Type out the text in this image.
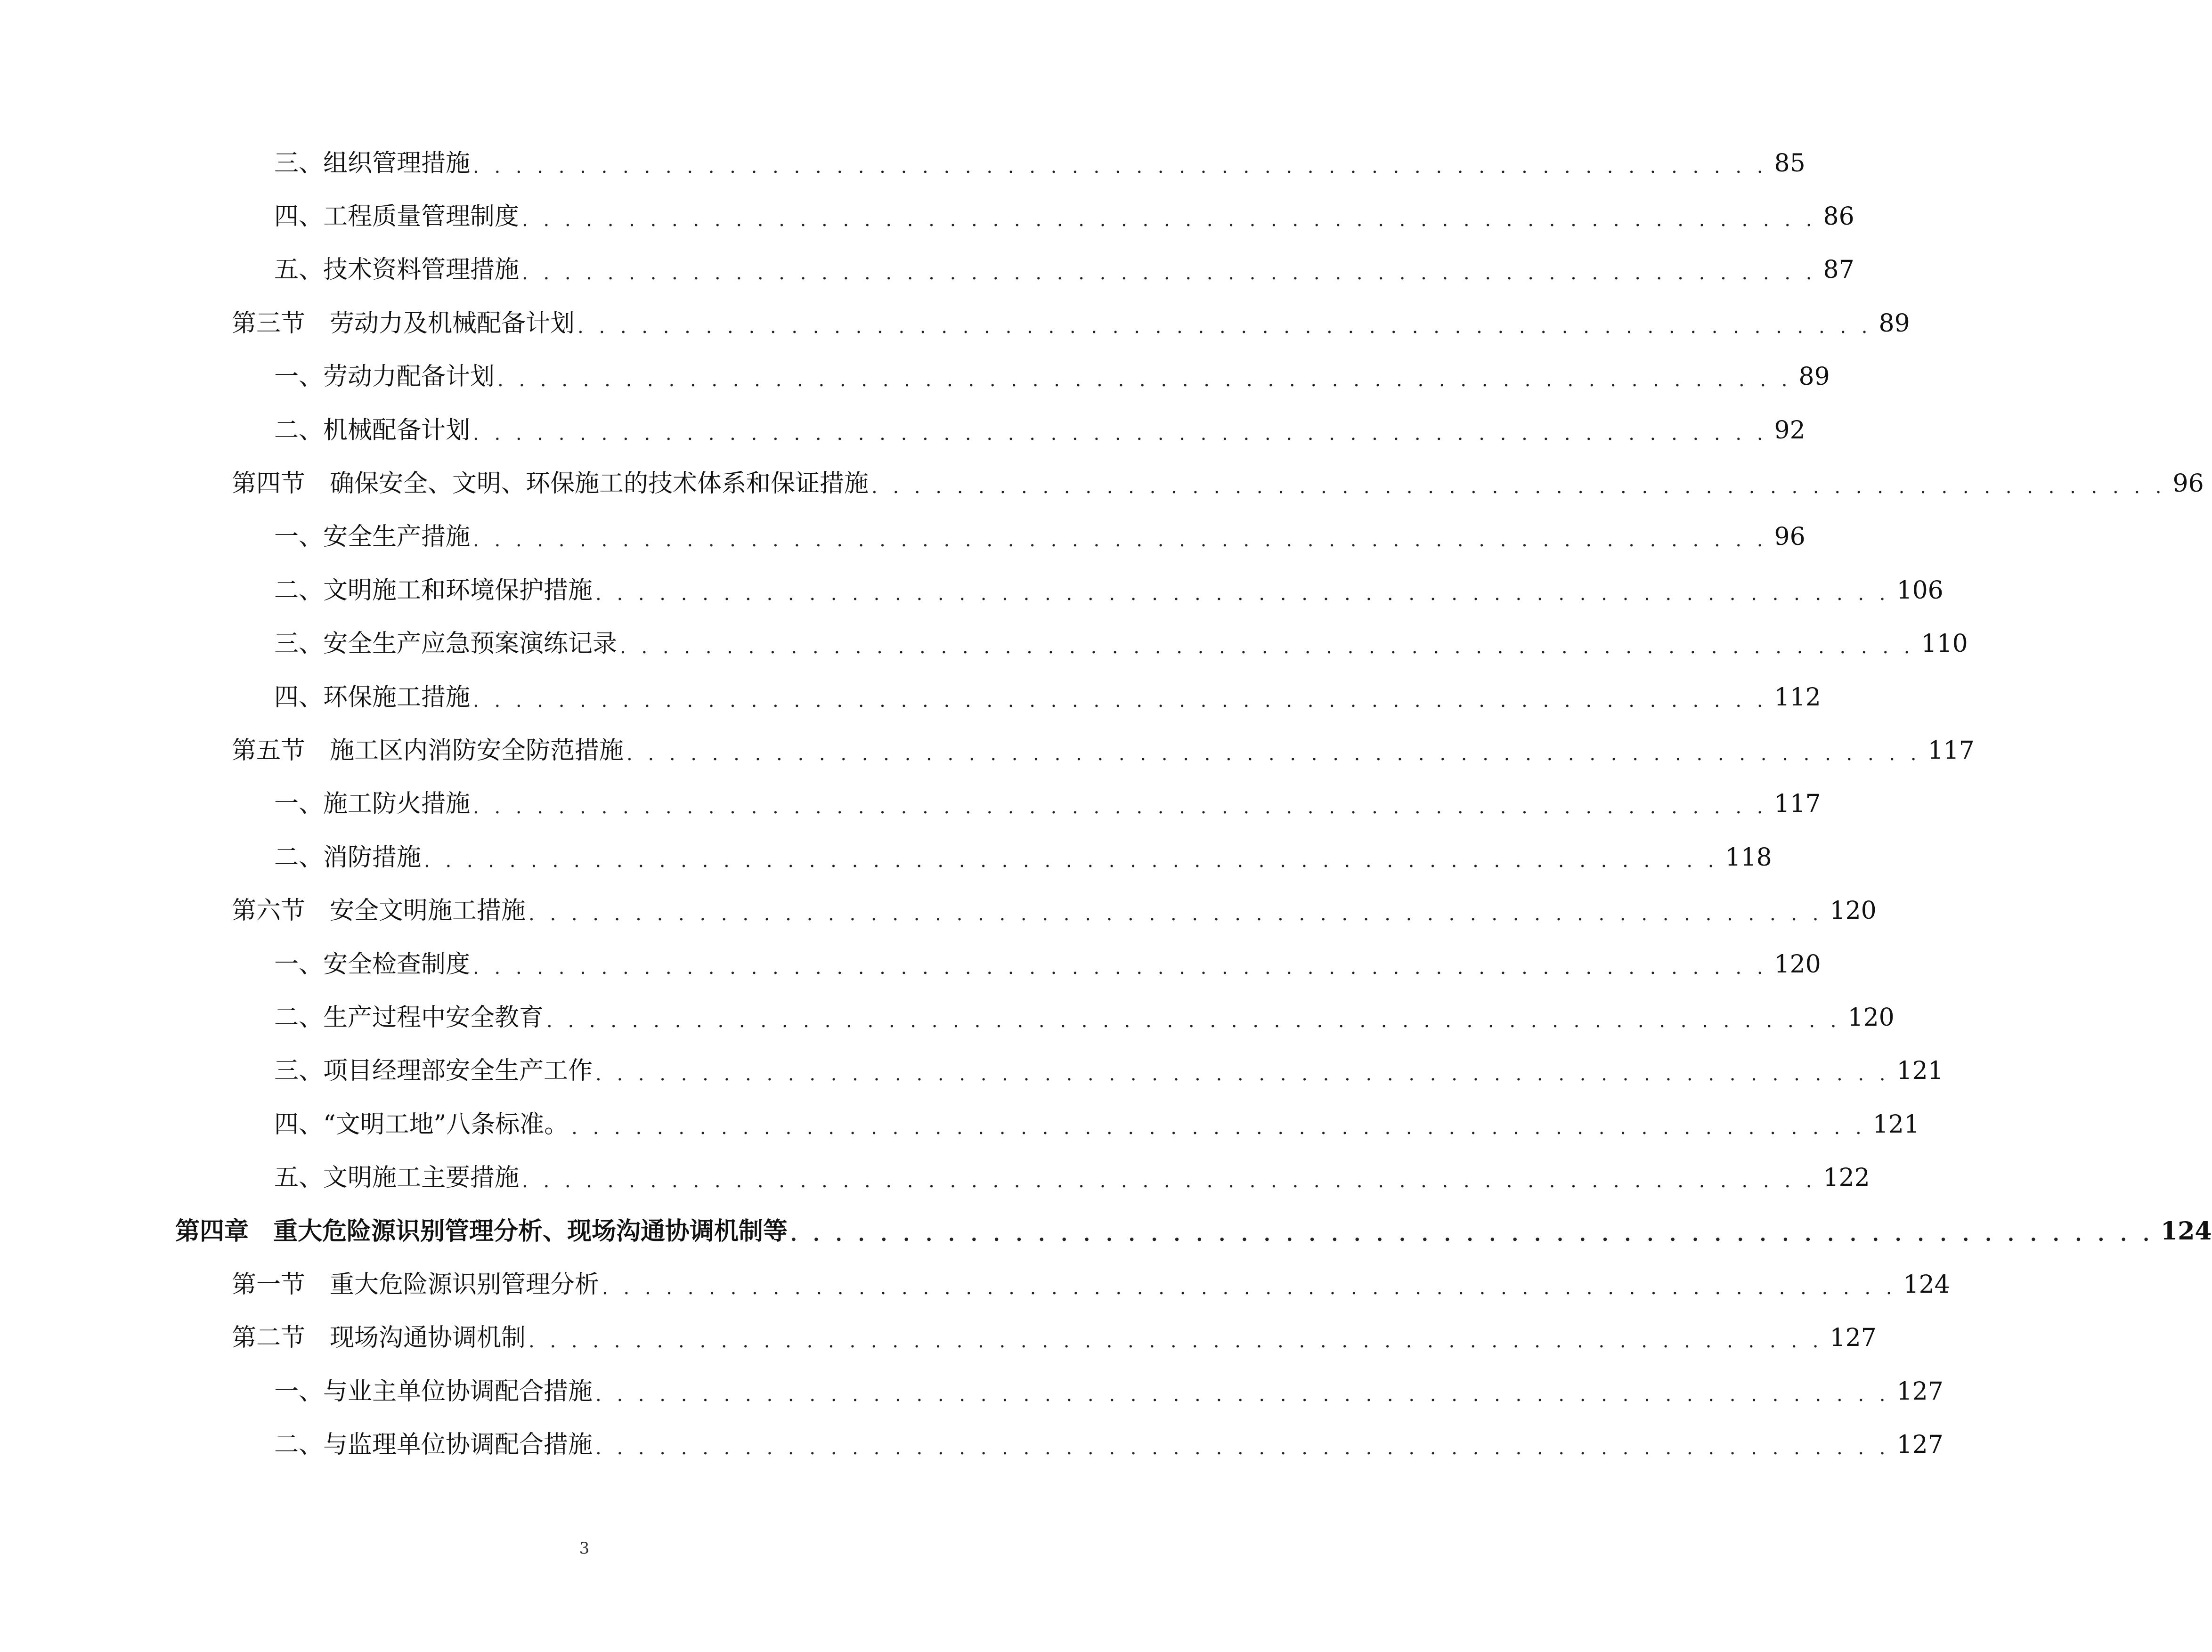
三、组织管理措施 . . . . . . . . . . . . . . . . . . . . . . . . . . . . . . . . . . . . . . . . . . . . . . . . . . . . . . . . . . . . . 85
四、工程质量管理制度 . . . . . . . . . . . . . . . . . . . . . . . . . . . . . . . . . . . . . . . . . . . . . . . . . . . . . . . . . . . . . 86
五、技术资料管理措施 . . . . . . . . . . . . . . . . . . . . . . . . . . . . . . . . . . . . . . . . . . . . . . . . . . . . . . . . . . . . . 87
第三节　劳动力及机械配备计划 . . . . . . . . . . . . . . . . . . . . . . . . . . . . . . . . . . . . . . . . . . . . . . . . . . . . . . . . . . . . . 89
一、劳动力配备计划 . . . . . . . . . . . . . . . . . . . . . . . . . . . . . . . . . . . . . . . . . . . . . . . . . . . . . . . . . . . . . 89
二、机械配备计划 . . . . . . . . . . . . . . . . . . . . . . . . . . . . . . . . . . . . . . . . . . . . . . . . . . . . . . . . . . . . . 92
第四节　确保安全、文明、环保施工的技术体系和保证措施 . . . . . . . . . . . . . . . . . . . . . . . . . . . . . . . . . . . . . . . . . . . . . . . . . . . . . . . . . . . . . 96
一、安全生产措施 . . . . . . . . . . . . . . . . . . . . . . . . . . . . . . . . . . . . . . . . . . . . . . . . . . . . . . . . . . . . . 96
二、文明施工和环境保护措施 . . . . . . . . . . . . . . . . . . . . . . . . . . . . . . . . . . . . . . . . . . . . . . . . . . . . . . . . . . . . . 106
三、安全生产应急预案演练记录 . . . . . . . . . . . . . . . . . . . . . . . . . . . . . . . . . . . . . . . . . . . . . . . . . . . . . . . . . . . . . 110
四、环保施工措施 . . . . . . . . . . . . . . . . . . . . . . . . . . . . . . . . . . . . . . . . . . . . . . . . . . . . . . . . . . . . . 112
第五节　施工区内消防安全防范措施 . . . . . . . . . . . . . . . . . . . . . . . . . . . . . . . . . . . . . . . . . . . . . . . . . . . . . . . . . . . . . 117
一、施工防火措施 . . . . . . . . . . . . . . . . . . . . . . . . . . . . . . . . . . . . . . . . . . . . . . . . . . . . . . . . . . . . . 117
二、消防措施 . . . . . . . . . . . . . . . . . . . . . . . . . . . . . . . . . . . . . . . . . . . . . . . . . . . . . . . . . . . . . 118
第六节　安全文明施工措施 . . . . . . . . . . . . . . . . . . . . . . . . . . . . . . . . . . . . . . . . . . . . . . . . . . . . . . . . . . . . . 120
一、安全检查制度 . . . . . . . . . . . . . . . . . . . . . . . . . . . . . . . . . . . . . . . . . . . . . . . . . . . . . . . . . . . . . 120
二、生产过程中安全教育 . . . . . . . . . . . . . . . . . . . . . . . . . . . . . . . . . . . . . . . . . . . . . . . . . . . . . . . . . . . . . 120
三、项目经理部安全生产工作 . . . . . . . . . . . . . . . . . . . . . . . . . . . . . . . . . . . . . . . . . . . . . . . . . . . . . . . . . . . . . 121
四、“文明工地”八条标准。 . . . . . . . . . . . . . . . . . . . . . . . . . . . . . . . . . . . . . . . . . . . . . . . . . . . . . . . . . . . . . 121
五、文明施工主要措施 . . . . . . . . . . . . . . . . . . . . . . . . . . . . . . . . . . . . . . . . . . . . . . . . . . . . . . . . . . . . . 122
第四章　重大危险源识别管理分析、现场沟通协调机制等 . . . . . . . . . . . . . . . . . . . . . . . . . . . . . . . . . . . . . . . . . . . . . . . . . . . . . . . . . . . . . 124
第一节　重大危险源识别管理分析 . . . . . . . . . . . . . . . . . . . . . . . . . . . . . . . . . . . . . . . . . . . . . . . . . . . . . . . . . . . . . 124
第二节　现场沟通协调机制 . . . . . . . . . . . . . . . . . . . . . . . . . . . . . . . . . . . . . . . . . . . . . . . . . . . . . . . . . . . . . 127
一、与业主单位协调配合措施 . . . . . . . . . . . . . . . . . . . . . . . . . . . . . . . . . . . . . . . . . . . . . . . . . . . . . . . . . . . . . 127
二、与监理单位协调配合措施 . . . . . . . . . . . . . . . . . . . . . . . . . . . . . . . . . . . . . . . . . . . . . . . . . . . . . . . . . . . . . 127
3
